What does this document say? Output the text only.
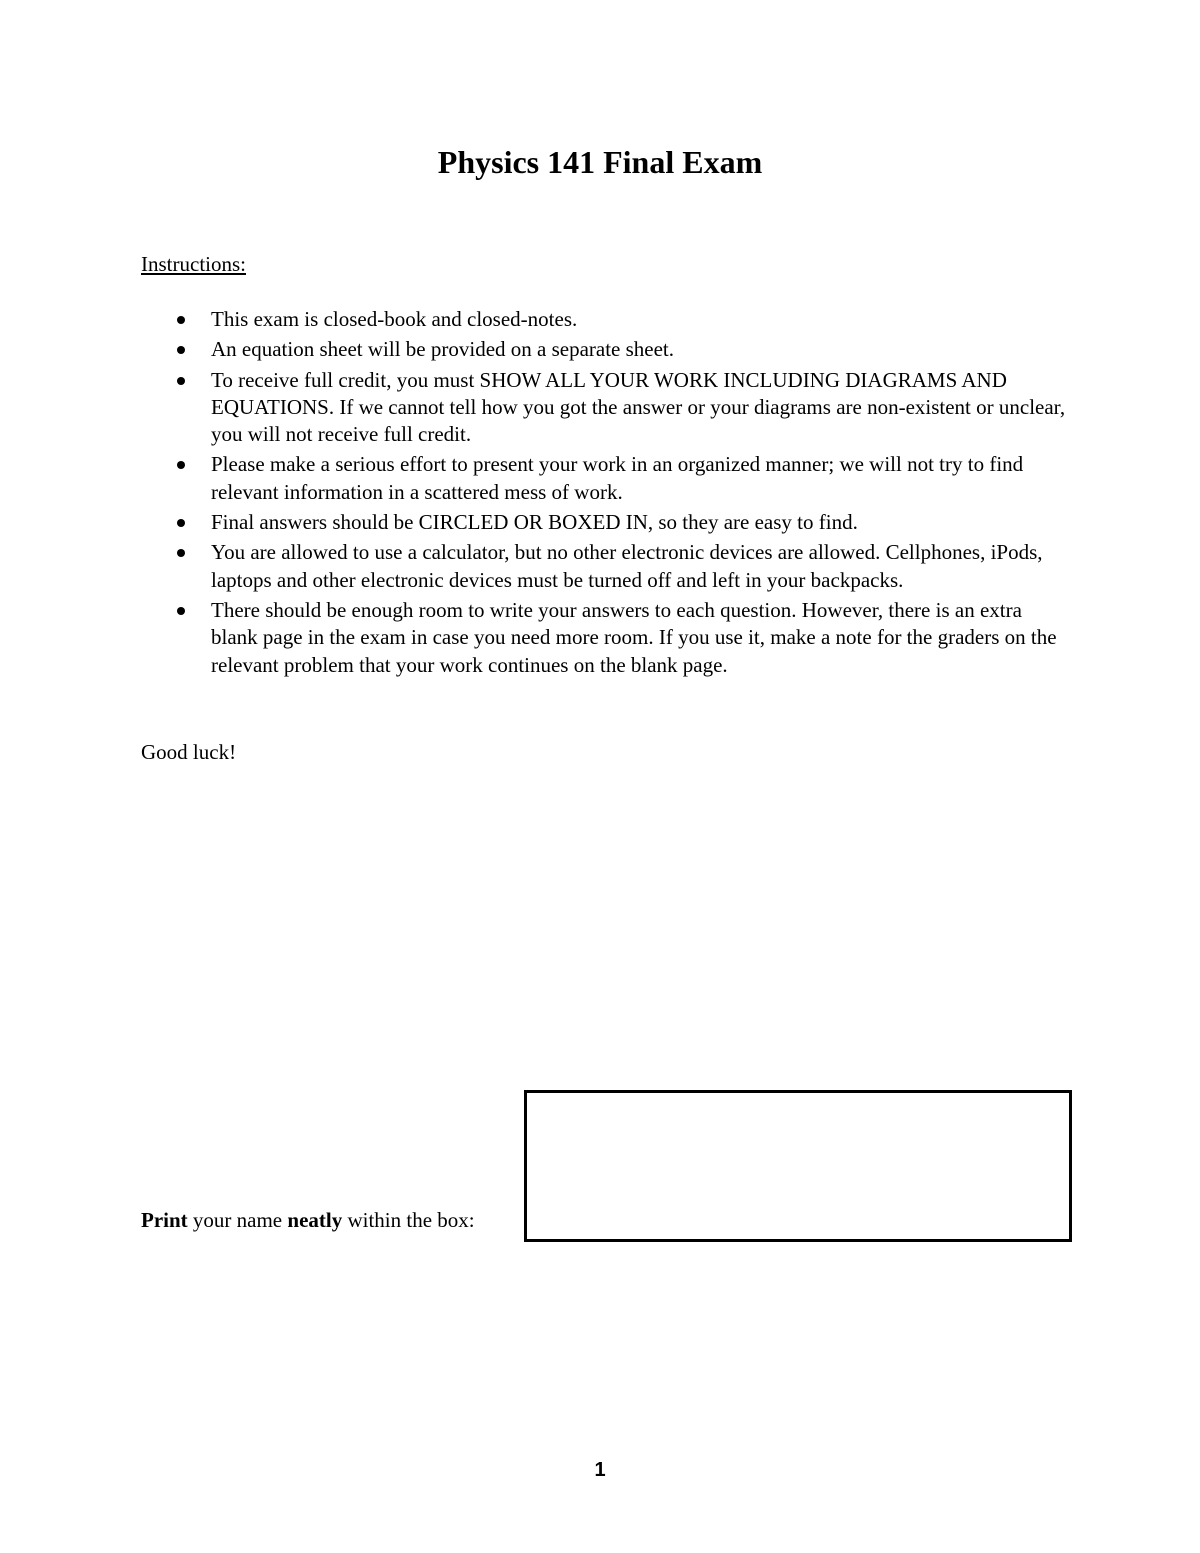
Physics 141 Final Exam
Instructions:
This exam is closed-book and closed-notes.
An equation sheet will be provided on a separate sheet.
To receive full credit, you must SHOW ALL YOUR WORK INCLUDING DIAGRAMS AND EQUATIONS. If we cannot tell how you got the answer or your diagrams are non-existent or unclear, you will not receive full credit.
Please make a serious effort to present your work in an organized manner; we will not try to find relevant information in a scattered mess of work.
Final answers should be CIRCLED OR BOXED IN, so they are easy to find.
You are allowed to use a calculator, but no other electronic devices are allowed. Cellphones, iPods, laptops and other electronic devices must be turned off and left in your backpacks.
There should be enough room to write your answers to each question. However, there is an extra blank page in the exam in case you need more room. If you use it, make a note for the graders on the relevant problem that your work continues on the blank page.
Good luck!
Print your name neatly within the box:
1
